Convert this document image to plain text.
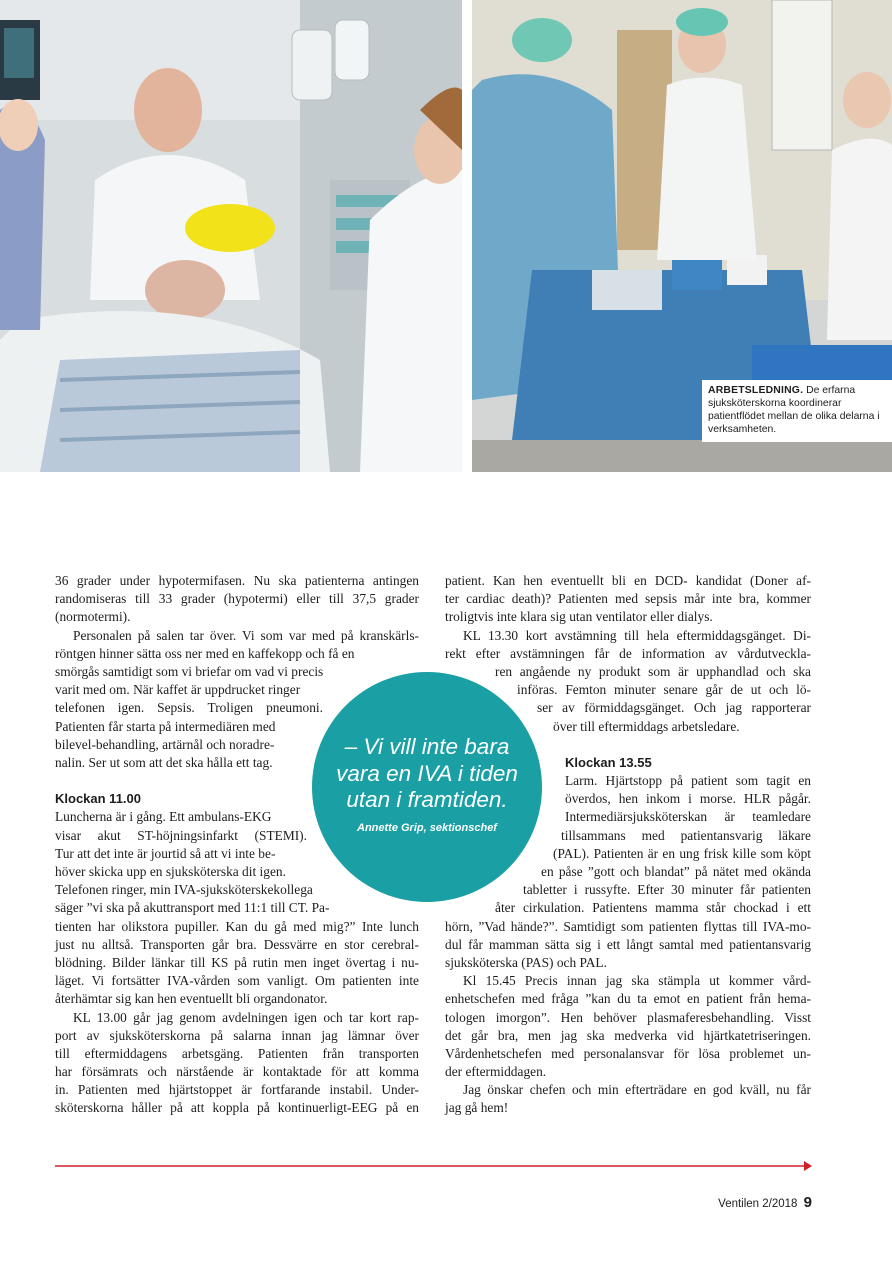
ARBETSLEDNING. De erfarna sjuksköterskorna koordinerar patientflödet mellan de olika delarna i verksamheten.
36 grader under hypotermifasen. Nu ska patienterna antingen
randomiseras till 33 grader (hypotermi) eller till 37,5 grader
(normotermi).
Personalen på salen tar över. Vi som var med på kranskärls-
röntgen hinner sätta oss ner med en kaffekopp och få en
smörgås samtidigt som vi briefar om vad vi precis
varit med om. När kaffet är uppdrucket ringer
telefonen igen. Sepsis. Troligen pneumoni.
Patienten får starta på intermediären med
bilevel-behandling, artärnål och noradre-
nalin. Ser ut som att det ska hålla ett tag.
Klockan 11.00
Luncherna är i gång. Ett ambulans-EKG
visar akut ST-höjningsinfarkt (STEMI).
Tur att det inte är jourtid så att vi inte be-
höver skicka upp en sjuksköterska dit igen.
Telefonen ringer, min IVA-sjuksköterskekollega
säger ”vi ska på akuttransport med 11:1 till CT. Pa-
tienten har olikstora pupiller. Kan du gå med mig?” Inte lunch
just nu alltså. Transporten går bra. Dessvärre en stor cerebral-
blödning. Bilder länkar till KS på rutin men inget övertag i nu-
läget. Vi fortsätter IVA-vården som vanligt. Om patienten inte
återhämtar sig kan hen eventuellt bli organdonator.
KL 13.00 går jag genom avdelningen igen och tar kort rap-
port av sjuksköterskorna på salarna innan jag lämnar över
till eftermiddagens arbetsgäng. Patienten från transporten
har försämrats och närstående är kontaktade för att komma
in. Patienten med hjärtstoppet är fortfarande instabil. Under-
sköterskorna håller på att koppla på kontinuerligt-EEG på en
patient. Kan hen eventuellt bli en DCD- kandidat (Doner af-
ter cardiac death)? Patienten med sepsis mår inte bra, kommer
troligtvis inte klara sig utan ventilator eller dialys.
KL 13.30 kort avstämning till hela eftermiddagsgänget. Di-
rekt efter avstämningen får de information av vårdutveckla-
ren angående ny produkt som är upphandlad och ska
införas. Femton minuter senare går de ut och lö-
ser av förmiddagsgänget. Och jag rapporterar
över till eftermiddags arbetsledare.
Klockan 13.55
Larm. Hjärtstopp på patient som tagit en
överdos, hen inkom i morse. HLR pågår.
Intermediärsjuksköterskan är teamledare
tillsammans med patientansvarig läkare
(PAL). Patienten är en ung frisk kille som köpt
en påse ”gott och blandat” på nätet med okända
tabletter i russyfte. Efter 30 minuter får patienten
åter cirkulation. Patientens mamma står chockad i ett
hörn, ”Vad hände?”. Samtidigt som patienten flyttas till IVA-mo-
dul får mamman sätta sig i ett långt samtal med patientansvarig
sjuksköterska (PAS) och PAL.
Kl 15.45 Precis innan jag ska stämpla ut kommer vård-
enhetschefen med fråga ”kan du ta emot en patient från hema-
tologen imorgon”. Hen behöver plasmaferesbehandling. Visst
det går bra, men jag ska medverka vid hjärtkatetriseringen.
Vårdenhetschefen med personalansvar för lösa problemet un-
der eftermiddagen.
Jag önskar chefen och min efterträdare en god kväll, nu får
jag gå hem!
– Vi vill inte bara vara en IVA i tiden utan i framtiden.
Annette Grip, sektionschef
Ventilen 2/2018 9
